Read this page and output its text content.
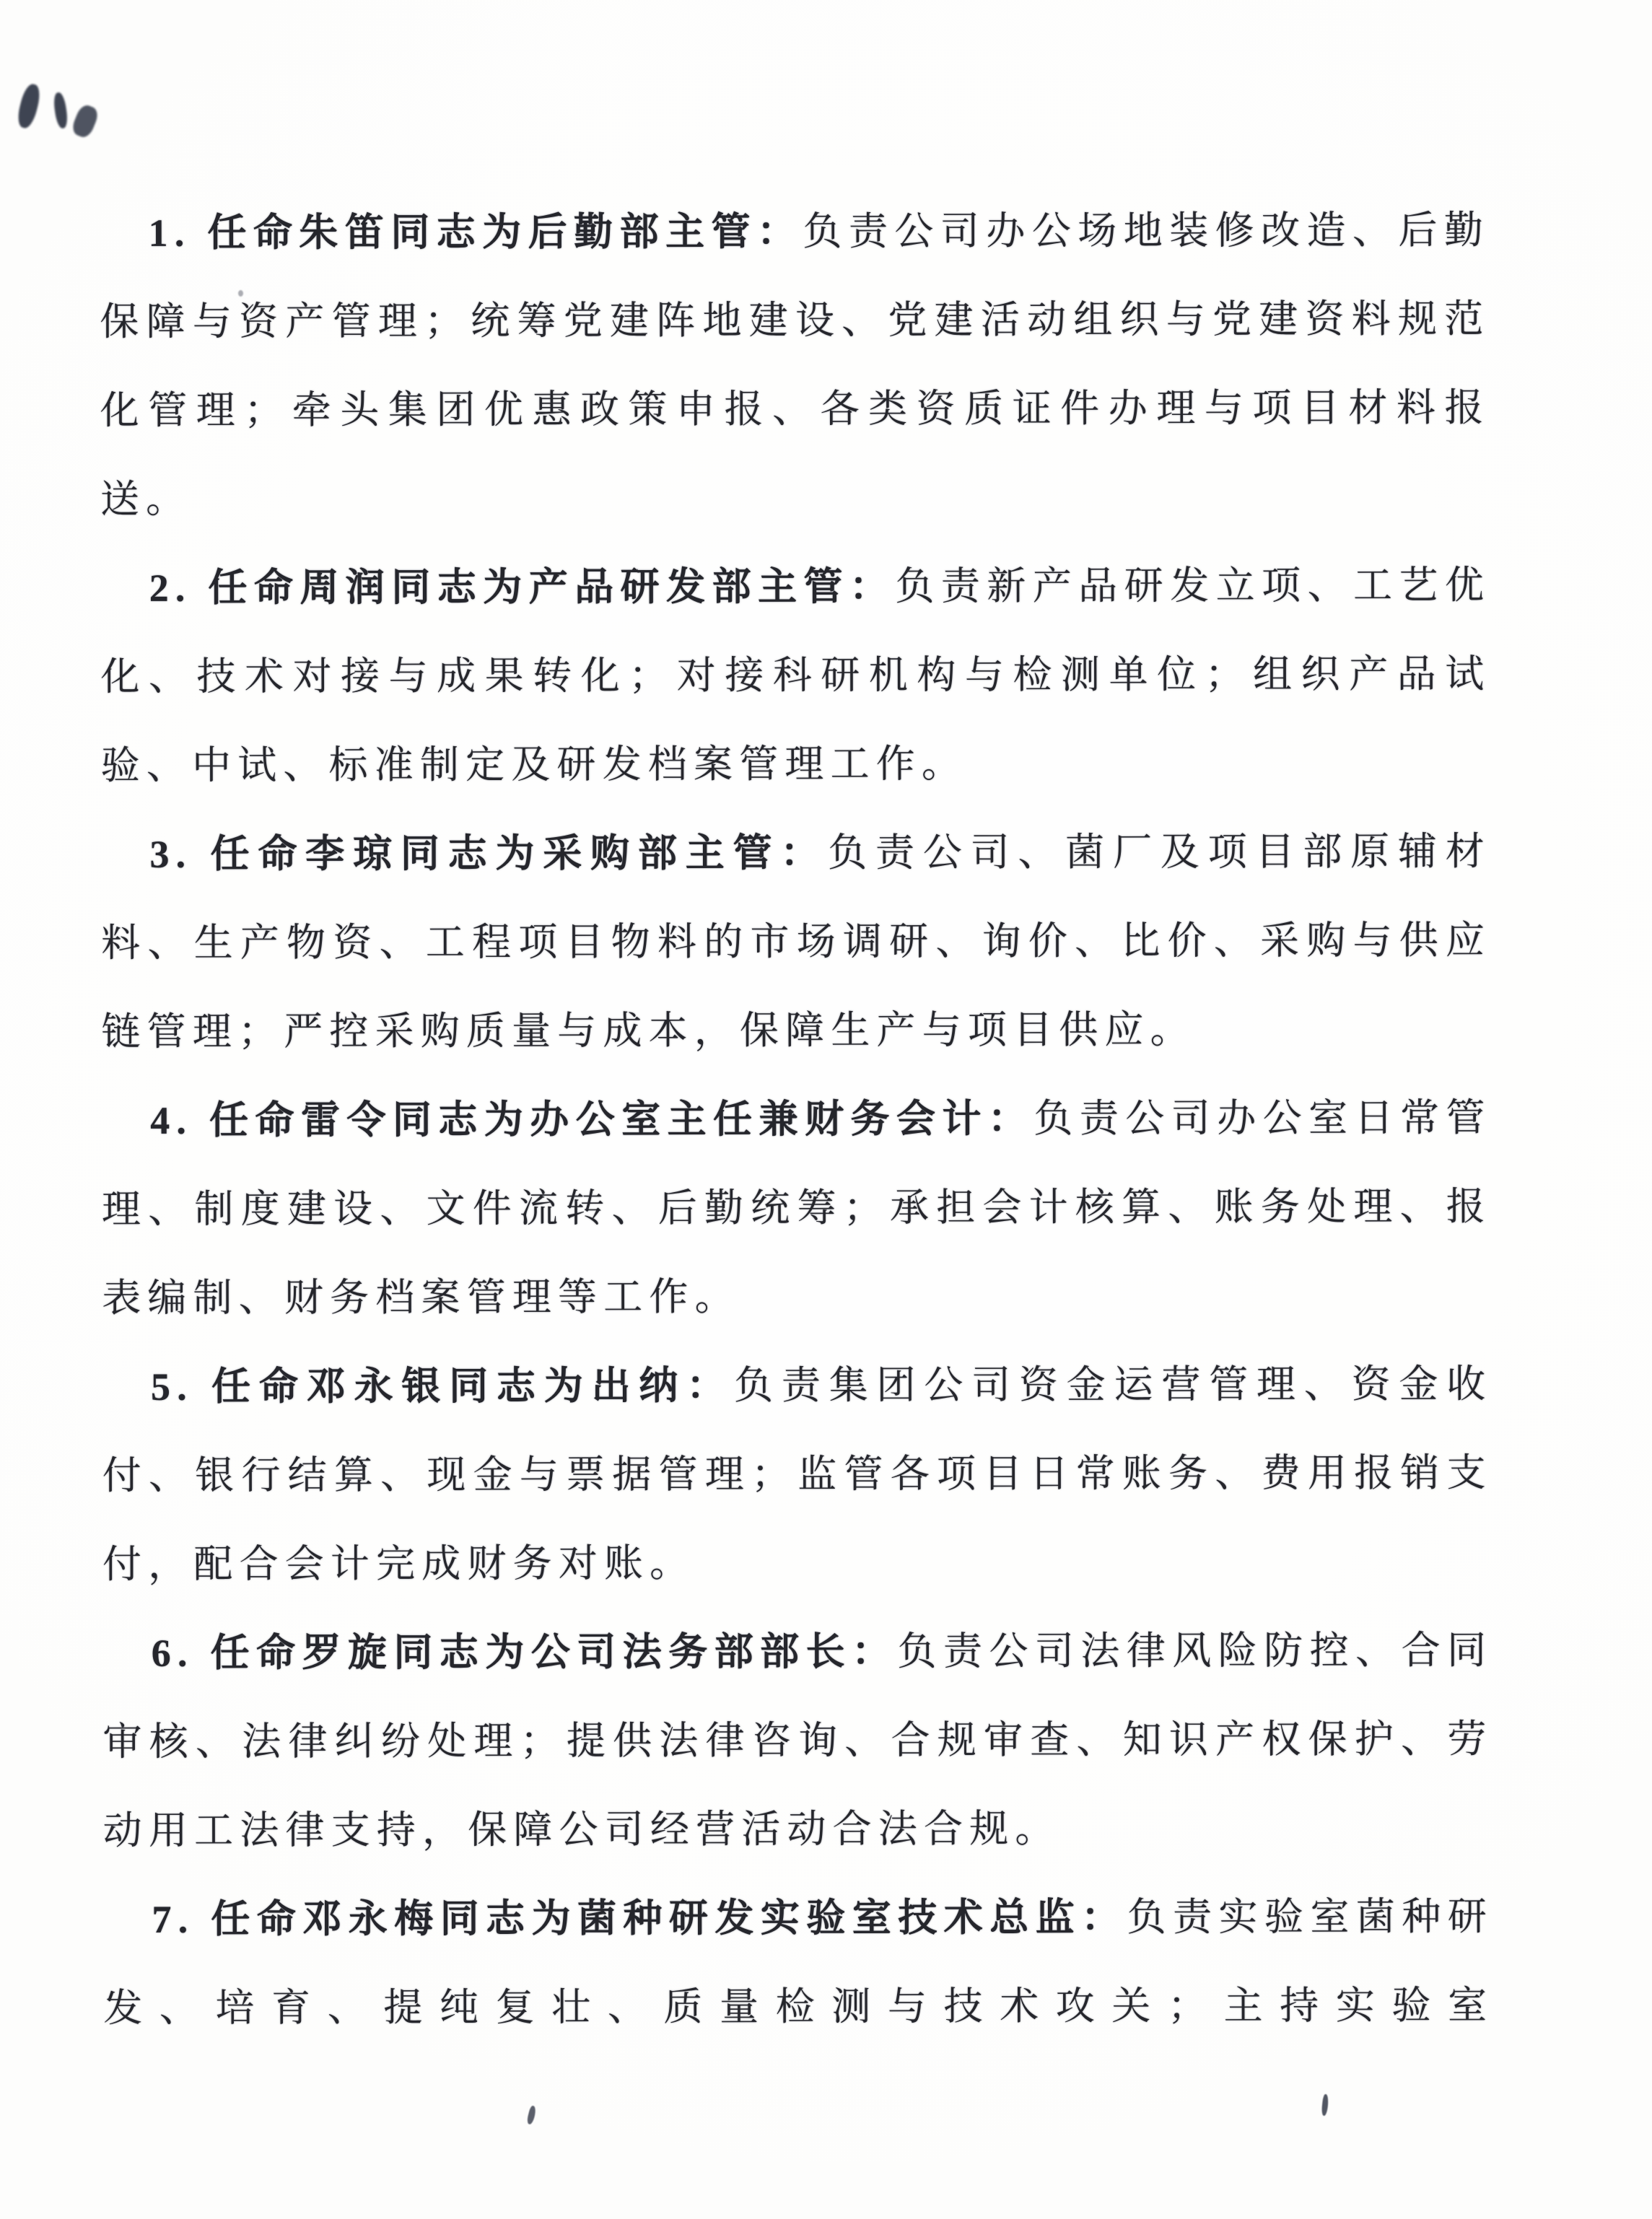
1. 任命朱笛同志为后勤部主管：负责公司办公场地装修改造、后勤保障与资产管理；统筹党建阵地建设、党建活动组织与党建资料规范化管理；牵头集团优惠政策申报、各类资质证件办理与项目材料报送。

2. 任命周润同志为产品研发部主管：负责新产品研发立项、工艺优化、技术对接与成果转化；对接科研机构与检测单位；组织产品试验、中试、标准制定及研发档案管理工作。

3. 任命李琼同志为采购部主管：负责公司、菌厂及项目部原辅材料、生产物资、工程项目物料的市场调研、询价、比价、采购与供应链管理；严控采购质量与成本，保障生产与项目供应。

4. 任命雷令同志为办公室主任兼财务会计：负责公司办公室日常管理、制度建设、文件流转、后勤统筹；承担会计核算、账务处理、报表编制、财务档案管理等工作。

5. 任命邓永银同志为出纳：负责集团公司资金运营管理、资金收付、银行结算、现金与票据管理；监管各项目日常账务、费用报销支付，配合会计完成财务对账。

6. 任命罗旋同志为公司法务部部长：负责公司法律风险防控、合同审核、法律纠纷处理；提供法律咨询、合规审查、知识产权保护、劳动用工法律支持，保障公司经营活动合法合规。

7. 任命邓永梅同志为菌种研发实验室技术总监：负责实验室菌种研发、培育、提纯复壮、质量检测与技术攻关；主持实验室
